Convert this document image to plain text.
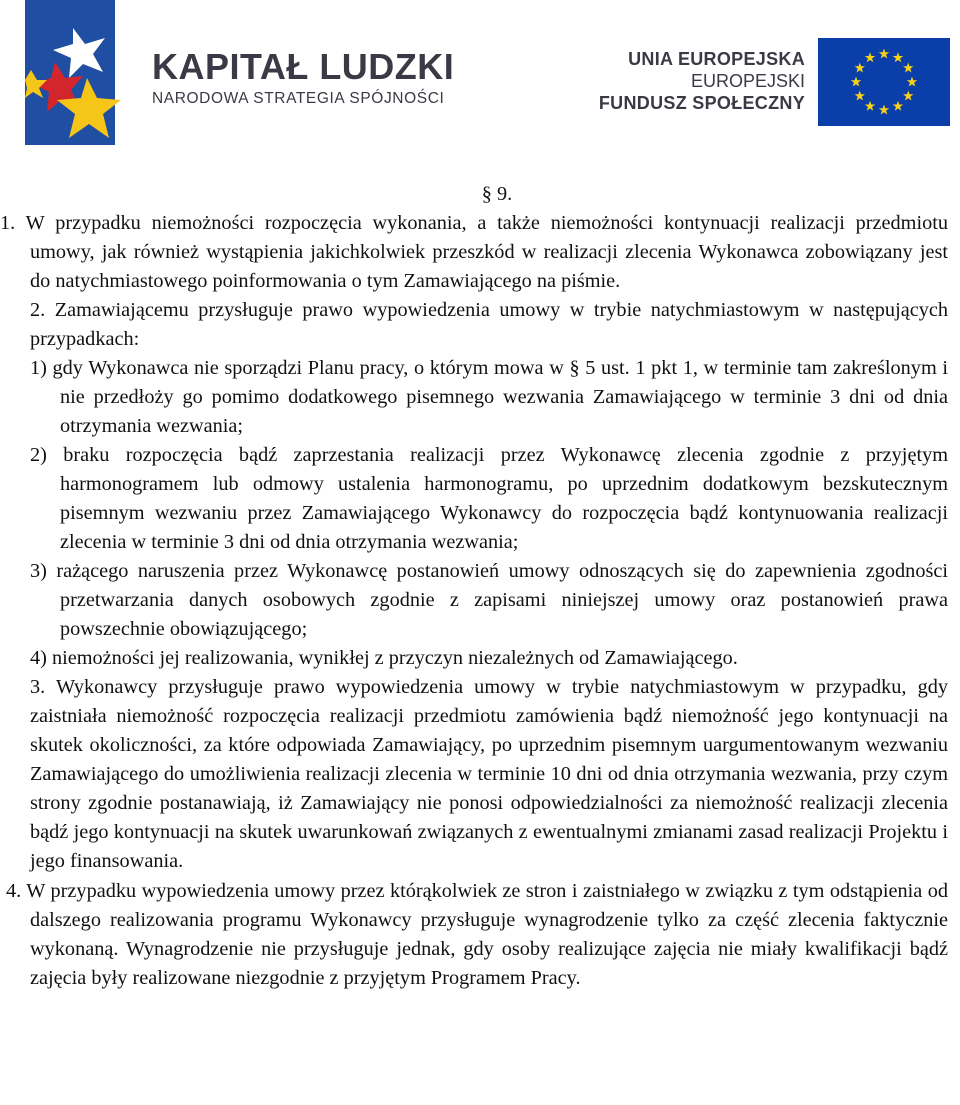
KAPITAŁ LUDZKI
NARODOWA STRATEGIA SPÓJNOŚCI
UNIA EUROPEJSKA
EUROPEJSKI
FUNDUSZ SPOŁECZNY
§ 9.
1. W przypadku niemożności rozpoczęcia wykonania, a także niemożności kontynuacji realizacji przedmiotu umowy, jak również wystąpienia jakichkolwiek przeszkód w realizacji zlecenia Wykonawca zobowiązany jest do natychmiastowego poinformowania o tym Zamawiającego na piśmie.
2. Zamawiającemu przysługuje prawo wypowiedzenia umowy w trybie natychmiastowym w następujących przypadkach:
1) gdy Wykonawca nie sporządzi Planu pracy, o którym mowa w § 5 ust. 1 pkt 1, w terminie tam zakreślonym i nie przedłoży go pomimo dodatkowego pisemnego wezwania Zamawiającego w terminie 3 dni od dnia otrzymania wezwania;
2) braku rozpoczęcia bądź zaprzestania realizacji przez Wykonawcę zlecenia zgodnie z przyjętym harmonogramem lub odmowy ustalenia harmonogramu, po uprzednim dodatkowym bezskutecznym pisemnym wezwaniu przez Zamawiającego Wykonawcy do rozpoczęcia bądź kontynuowania realizacji zlecenia w terminie 3 dni od dnia otrzymania wezwania;
3) rażącego naruszenia przez Wykonawcę postanowień umowy odnoszących się do zapewnienia zgodności przetwarzania danych osobowych zgodnie z zapisami niniejszej umowy oraz postanowień prawa powszechnie obowiązującego;
4) niemożności jej realizowania, wynikłej z przyczyn niezależnych od Zamawiającego.
3. Wykonawcy przysługuje prawo wypowiedzenia umowy w trybie natychmiastowym w przypadku, gdy zaistniała niemożność rozpoczęcia realizacji przedmiotu zamówienia bądź niemożność jego kontynuacji na skutek okoliczności, za które odpowiada Zamawiający, po uprzednim pisemnym uargumentowanym wezwaniu Zamawiającego do umożliwienia realizacji zlecenia w terminie 10 dni od dnia otrzymania wezwania, przy czym strony zgodnie postanawiają, iż Zamawiający nie ponosi odpowiedzialności za niemożność realizacji zlecenia bądź jego kontynuacji na skutek uwarunkowań związanych z ewentualnymi zmianami zasad realizacji Projektu i jego finansowania.
4. W przypadku wypowiedzenia umowy przez którąkolwiek ze stron i zaistniałego w związku z tym odstąpienia od dalszego realizowania programu Wykonawcy przysługuje wynagrodzenie tylko za część zlecenia faktycznie wykonaną. Wynagrodzenie nie przysługuje jednak, gdy osoby realizujące zajęcia nie miały kwalifikacji bądź zajęcia były realizowane niezgodnie z przyjętym Programem Pracy.
